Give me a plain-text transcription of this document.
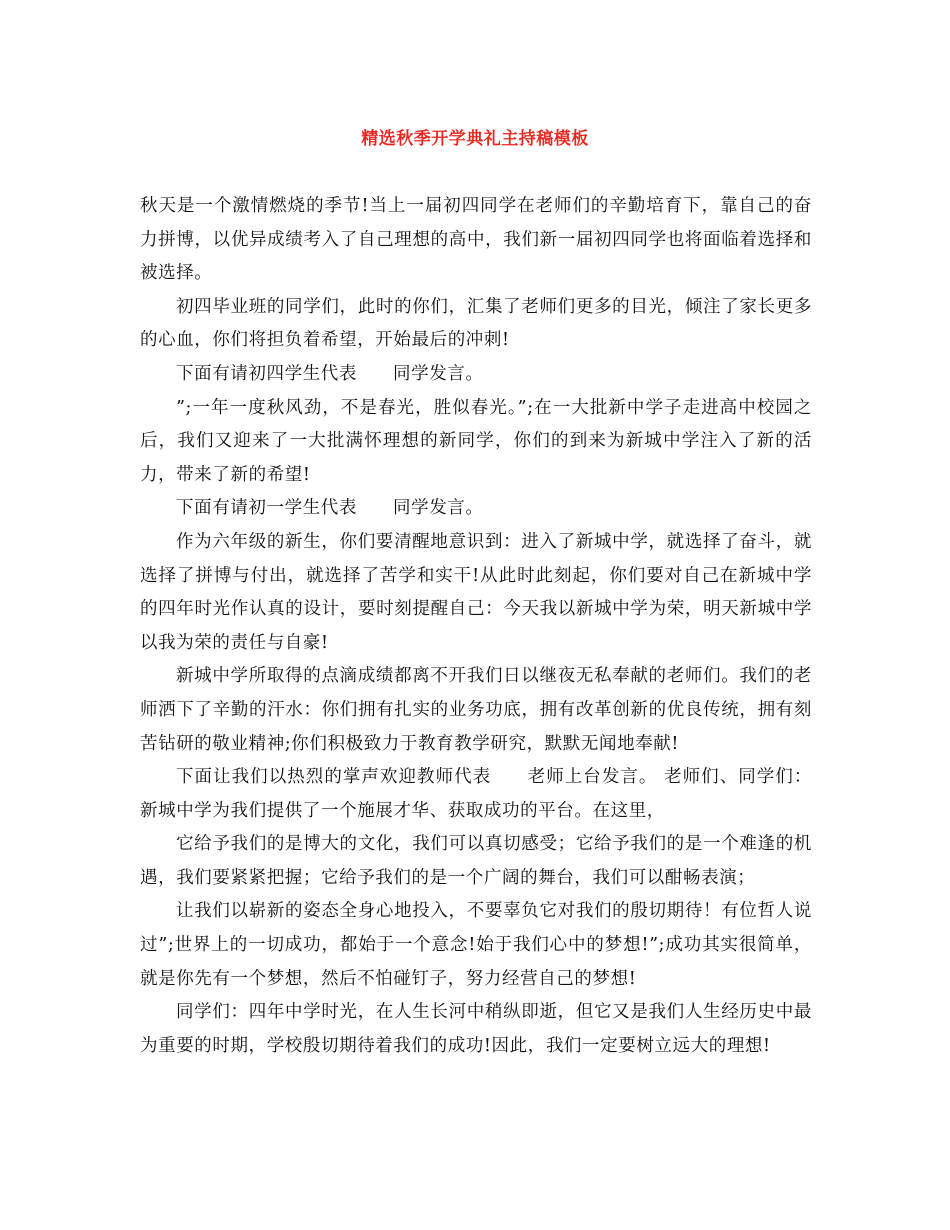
精选秋季开学典礼主持稿模板

秋天是一个激情燃烧的季节!当上一届初四同学在老师们的辛勤培育下，靠自己的奋力拼博，以优异成绩考入了自己理想的高中，我们新一届初四同学也将面临着选择和被选择。

初四毕业班的同学们，此时的你们，汇集了老师们更多的目光，倾注了家长更多的心血，你们将担负着希望，开始最后的冲刺!

下面有请初四学生代表 同学发言。

”;一年一度秋风劲，不是春光，胜似春光。”;在一大批新中学子走进高中校园之后，我们又迎来了一大批满怀理想的新同学，你们的到来为新城中学注入了新的活力，带来了新的希望!

下面有请初一学生代表 同学发言。

作为六年级的新生，你们要清醒地意识到：进入了新城中学，就选择了奋斗，就选择了拼博与付出，就选择了苦学和实干!从此时此刻起，你们要对自己在新城中学的四年时光作认真的设计，要时刻提醒自己：今天我以新城中学为荣，明天新城中学以我为荣的责任与自豪!

新城中学所取得的点滴成绩都离不开我们日以继夜无私奉献的老师们。我们的老师洒下了辛勤的汗水：你们拥有扎实的业务功底，拥有改革创新的优良传统，拥有刻苦钻研的敬业精神;你们积极致力于教育教学研究，默默无闻地奉献!

下面让我们以热烈的掌声欢迎教师代表 老师上台发言。 老师们、同学们：新城中学为我们提供了一个施展才华、获取成功的平台。在这里，

它给予我们的是博大的文化，我们可以真切感受；它给予我们的是一个难逢的机遇，我们要紧紧把握；它给予我们的是一个广阔的舞台，我们可以酣畅表演；

让我们以崭新的姿态全身心地投入，不要辜负它对我们的殷切期待！有位哲人说过”;世界上的一切成功，都始于一个意念!始于我们心中的梦想!”;成功其实很简单，就是你先有一个梦想，然后不怕碰钉子，努力经营自己的梦想!

同学们：四年中学时光，在人生长河中稍纵即逝，但它又是我们人生经历史中最为重要的时期，学校殷切期待着我们的成功!因此，我们一定要树立远大的理想!
